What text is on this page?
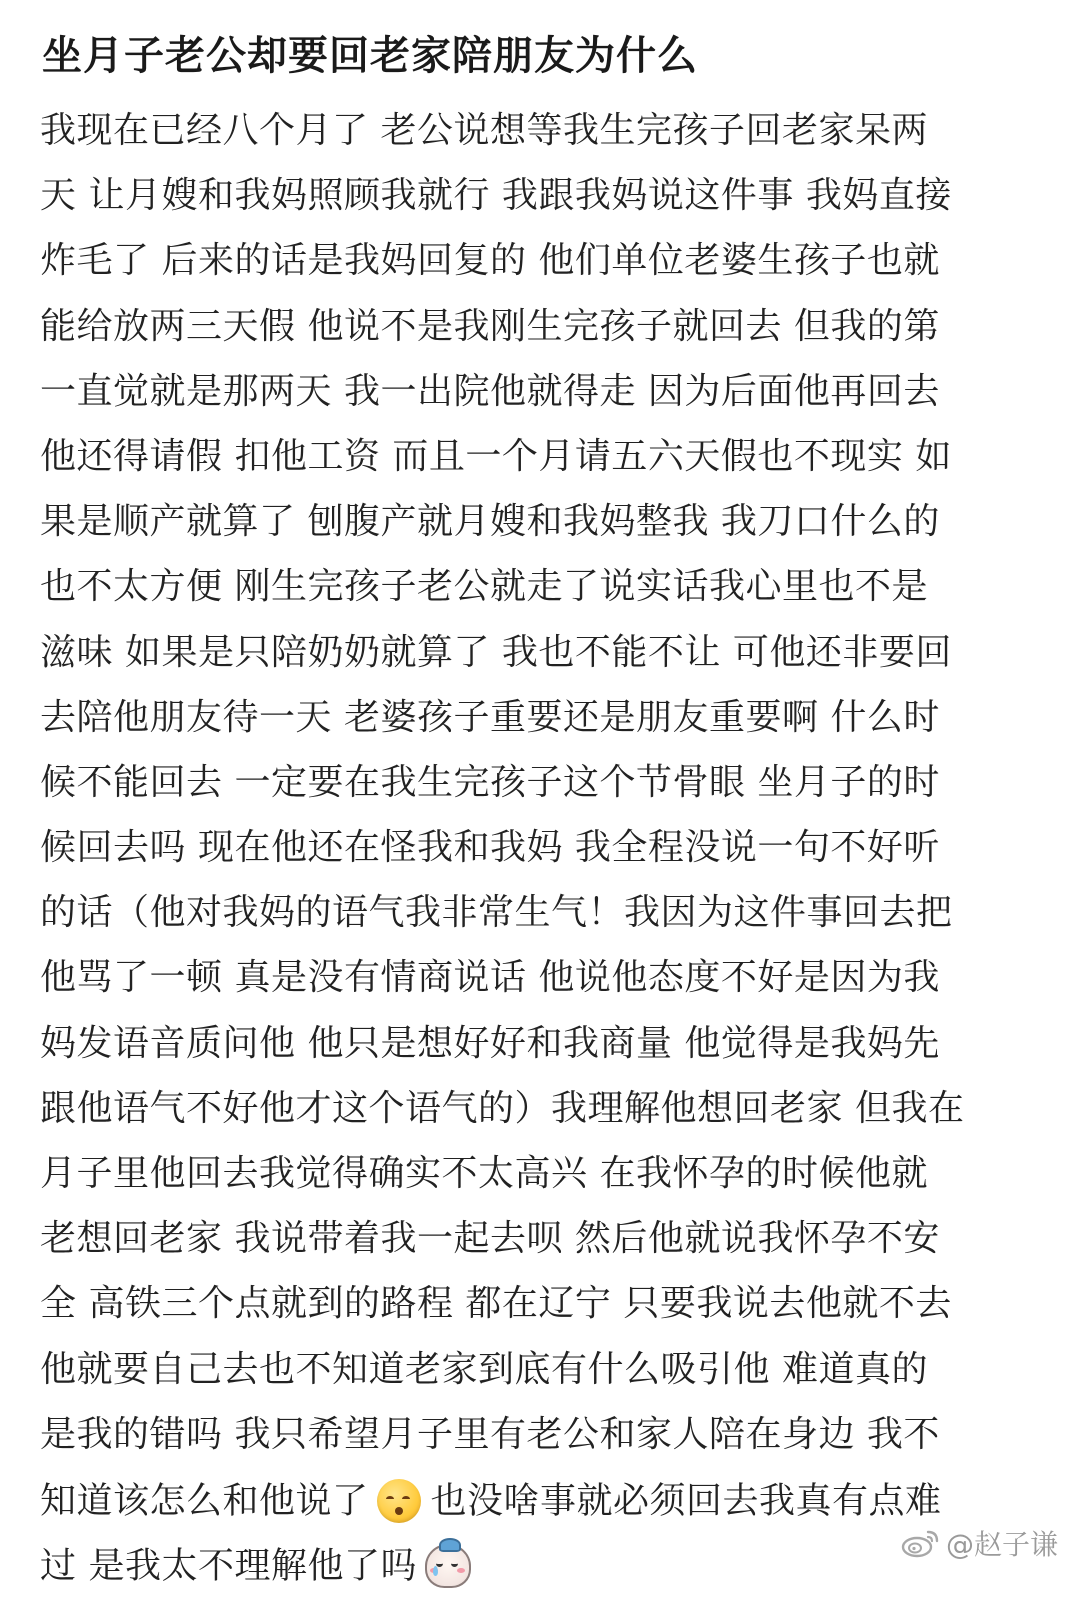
坐月子老公却要回老家陪朋友为什么
我现在已经八个月了 老公说想等我生完孩子回老家呆两
天 让月嫂和我妈照顾我就行 我跟我妈说这件事 我妈直接
炸毛了 后来的话是我妈回复的 他们单位老婆生孩子也就
能给放两三天假 他说不是我刚生完孩子就回去 但我的第
一直觉就是那两天 我一出院他就得走 因为后面他再回去
他还得请假 扣他工资 而且一个月请五六天假也不现实 如
果是顺产就算了 刨腹产就月嫂和我妈整我 我刀口什么的
也不太方便 刚生完孩子老公就走了说实话我心里也不是
滋味 如果是只陪奶奶就算了 我也不能不让 可他还非要回
去陪他朋友待一天 老婆孩子重要还是朋友重要啊 什么时
候不能回去 一定要在我生完孩子这个节骨眼 坐月子的时
候回去吗 现在他还在怪我和我妈 我全程没说一句不好听
的话（他对我妈的语气我非常生气！我因为这件事回去把
他骂了一顿 真是没有情商说话 他说他态度不好是因为我
妈发语音质问他 他只是想好好和我商量 他觉得是我妈先
跟他语气不好他才这个语气的）我理解他想回老家 但我在
月子里他回去我觉得确实不太高兴 在我怀孕的时候他就
老想回老家 我说带着我一起去呗 然后他就说我怀孕不安
全 高铁三个点就到的路程 都在辽宁 只要我说去他就不去
他就要自己去也不知道老家到底有什么吸引他 难道真的
是我的错吗 我只希望月子里有老公和家人陪在身边 我不
知道该怎么和他说了 也没啥事就必须回去我真有点难
过 是我太不理解他了吗
@赵子谦
